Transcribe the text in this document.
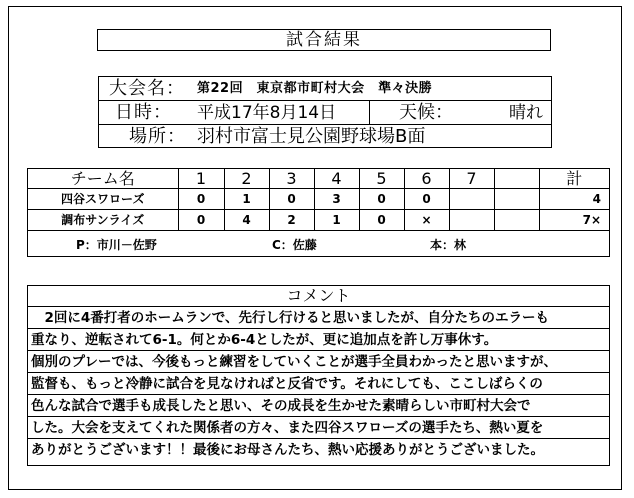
試合結果
大会名： 第22回　東京都市町村大会　準々決勝
日時： 平成17年8月14日	天候：	晴れ
場所： 羽村市富士見公園野球場B面
チーム名	1	2	3	4	5	6	7		計
四谷スワローズ	0	1	0	3	0	0			4
調布サンライズ	0	4	2	1	0	×			7×
P：市川－佐野	C：佐藤	本：林
コメント
　2回に4番打者のホームランで、先行し行けると思いましたが、自分たちのエラーも
重なり、逆転されて6-1。何とか6-4としたが、更に追加点を許し万事休す。
個別のプレーでは、今後もっと練習をしていくことが選手全員わかったと思いますが、
監督も、もっと冷静に試合を見なければと反省です。それにしても、ここしばらくの
色んな試合で選手も成長したと思い、その成長を生かせた素晴らしい市町村大会で
した。大会を支えてくれた関係者の方々、また四谷スワローズの選手たち、熱い夏を
ありがとうございます！！最後にお母さんたち、熱い応援ありがとうございました。
